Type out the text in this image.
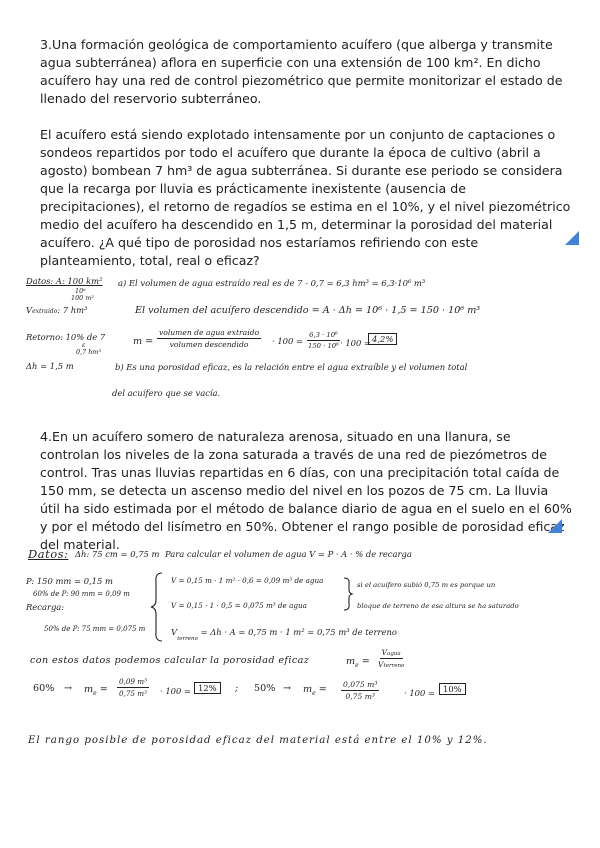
3.Una formación geológica de comportamiento acuífero (que alberga y transmite agua subterránea) aflora en superficie con una extensión de 100 km². En dicho acuífero hay una red de control piezométrico que permite monitorizar el estado de llenado del reservorio subterráneo.
El acuífero está siendo explotado intensamente por un conjunto de captaciones o sondeos repartidos por todo el acuífero que durante la época de cultivo (abril a agosto) bombean 7 hm³ de agua subterránea. Si durante ese periodo se considera que la recarga por lluvia es prácticamente inexistente (ausencia de precipitaciones), el retorno de regadíos se estima en el 10%, y el nivel piezométrico medio del acuífero ha descendido en 1,5 m, determinar la porosidad del material acuífero. ¿A qué tipo de porosidad nos estaríamos refiriendo con este planteamiento, total, real o eficaz?
Datos: A: 100 km²
10⁶
100 m²
Vextraído: 7 hm³
Retorno: 10% de 7
ε
0,7 hm³
Δh = 1,5 m
a) El volumen de agua estraído real es de 7 - 0,7 = 6,3 hm³ = 6,3·10⁶ m³
El volumen del acuífero descendido = A · Δh = 10⁶ · 1,5 = 150 · 10⁶ m³
m =
volumen de agua extraído
volumen descendido	· $100 = \frac{\text{6,3 · 10⁶}}{\text{150 · 10⁶}} \cdot 100 = 4,2\%$
b) Es una porosidad eficaz, es la relación entre el agua extraíble y el volumen total
del acuífero que se vacía.
4.En un acuífero somero de naturaleza arenosa, situado en una llanura, se controlan los niveles de la zona saturada a través de una red de piezómetros de control. Tras unas lluvias repartidas en 6 días, con una precipitación total caída de 150 mm, se detecta un ascenso medio del nivel en los pozos de 75 cm. La lluvia útil ha sido estimada por el método de balance diario de agua en el suelo en el 60% y por el método del lisímetro en 50%. Obtener el rango posible de porosidad eficaz del material.
Datos: Δh: 75 cm = 0,75 m Para calcular el volumen de agua V = P · A · % de recarga
P: 150 mm = 0,15 m
60% de P: 90 mm = 0,09 m
Recarga:
50% de P: 75 mm = 0,075 m
V = 0,15 m · 1 m² · 0,6 = 0,09 m³ de agua
V = 0,15 · 1 · 0,5 = 0,075 m³ de agua
$V_{terreno} = \Delta h \cdot A = 0,75$ m · 1 m² = 0,75 m³ de terreno
si el acuífero subió 0,75 m es porque un
bloque de terreno de esa altura se ha saturado
con estos datos podemos calcular la porosidad eficaz	$m_e$ =
Vagua
Vterreno
$60\% \to m_e = \frac{\text{0,09 m³}}{\text{0,75 m³}} \cdot 100 = 12\%$	; $50\% \to m_e = \frac{\text{0,075 m³}}{\text{0,75 m³}}$	· 100 = 10%
El rango posible de porosidad eficaz del material está entre el 10% y 12%.
